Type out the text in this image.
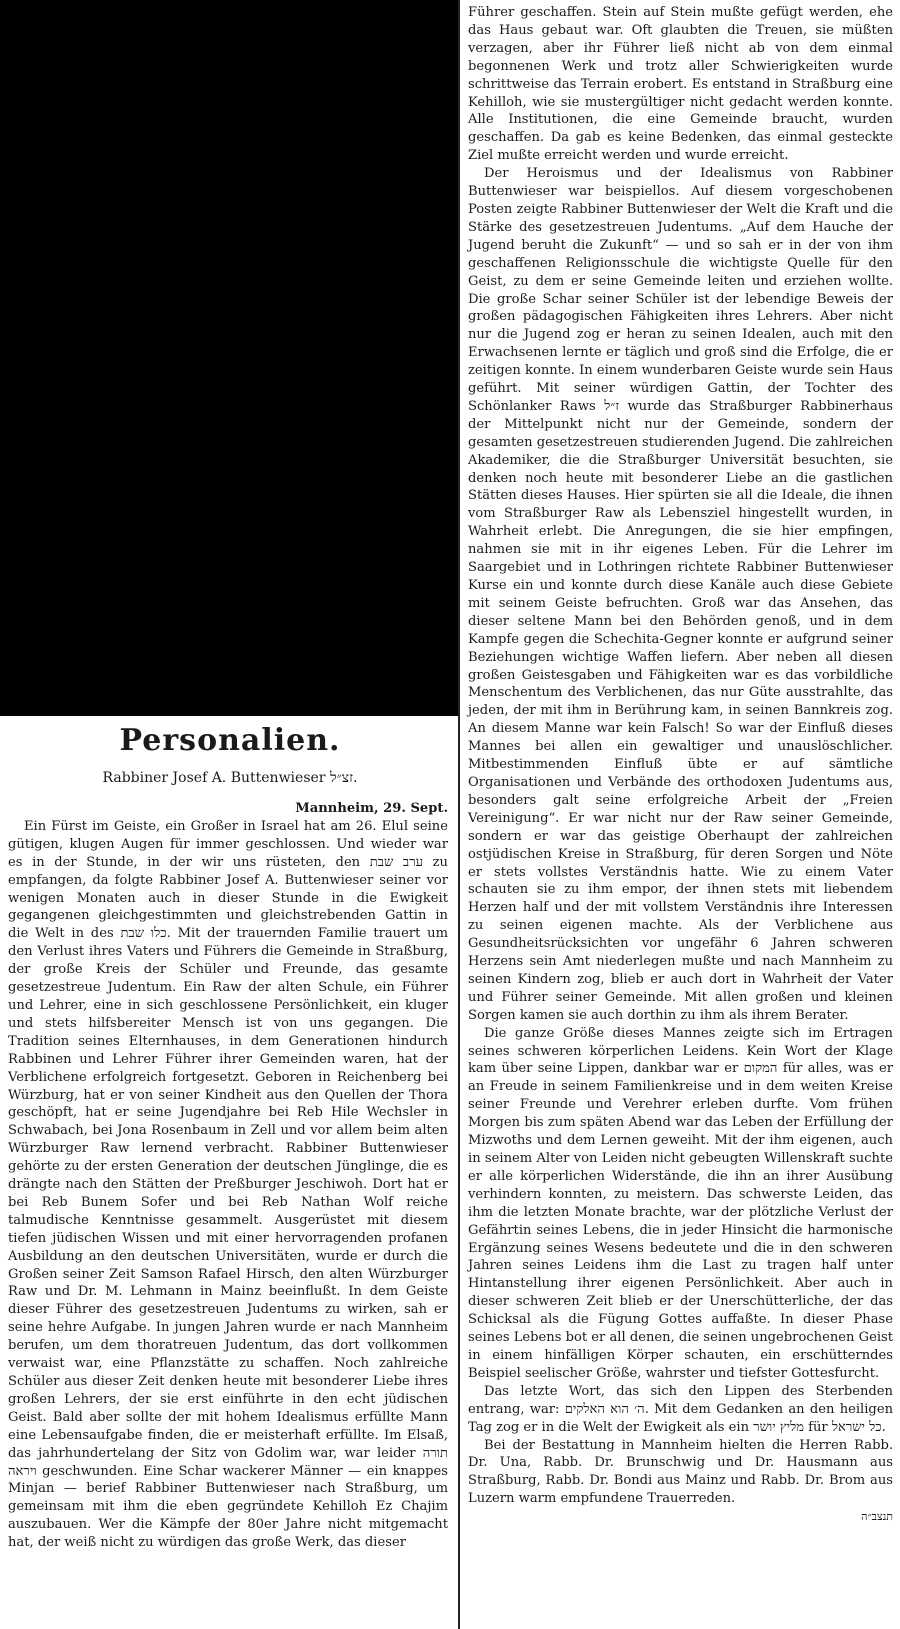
Personalien.
Rabbiner Josef A. Buttenwieser זצ״ל.
Mannheim, 29. Sept.

Ein Fürst im Geiste, ein Großer in Israel hat am 26. Elul seine gütigen, klugen Augen für immer geschlossen. Und wieder war es in der Stunde, in der wir uns rüsteten, den ערב שבת zu empfangen, da folgte Rabbiner Josef A. Buttenwieser seiner vor wenigen Monaten auch in dieser Stunde in die Ewigkeit gegangenen gleichgestimmten und gleichstrebenden Gattin in die Welt in des כלו שבת. Mit der trauernden Familie trauert um den Verlust ihres Vaters und Führers die Gemeinde in Straßburg, der große Kreis der Schüler und Freunde, das gesamte gesetzestreue Judentum. Ein Raw der alten Schule, ein Führer und Lehrer, eine in sich geschlossene Persönlichkeit, ein kluger und stets hilfsbereiter Mensch ist von uns gegangen. Die Tradition seines Elternhauses, in dem Generationen hindurch Rabbinen und Lehrer Führer ihrer Gemeinden waren, hat der Verblichene erfolgreich fortgesetzt. Geboren in Reichenberg bei Würzburg, hat er von seiner Kindheit aus den Quellen der Thora geschöpft, hat er seine Jugendjahre bei Reb Hile Wechsler in Schwabach, bei Jona Rosenbaum in Zell und vor allem beim alten Würzburger Raw lernend verbracht. Rabbiner Buttenwieser gehörte zu der ersten Generation der deutschen Jünglinge, die es drängte nach den Stätten der Preßburger Jeschiwoh. Dort hat er bei Reb Bunem Sofer und bei Reb Nathan Wolf reiche talmudische Kenntnisse gesammelt. Ausgerüstet mit diesem tiefen jüdischen Wissen und mit einer hervorragenden profanen Ausbildung an den deutschen Universitäten, wurde er durch die Großen seiner Zeit Samson Rafael Hirsch, den alten Würzburger Raw und Dr. M. Lehmann in Mainz beeinflußt. In dem Geiste dieser Führer des gesetzestreuen Judentums zu wirken, sah er seine hehre Aufgabe. In jungen Jahren wurde er nach Mannheim berufen, um dem thoratreuen Judentum, das dort vollkommen verwaist war, eine Pflanzstätte zu schaffen. Noch zahlreiche Schüler aus dieser Zeit denken heute mit besonderer Liebe ihres großen Lehrers, der sie erst einführte in den echt jüdischen Geist. Bald aber sollte der mit hohem Idealismus erfüllte Mann eine Lebensaufgabe finden, die er meisterhaft erfüllte. Im Elsaß, das jahrhundertelang der Sitz von Gdolim war, war leider תורה ויראה geschwunden. Eine Schar wackerer Männer — ein knappes Minjan — berief Rabbiner Buttenwieser nach Straßburg, um gemeinsam mit ihm die eben gegründete Kehilloh Ez Chajim auszubauen. Wer die Kämpfe der 80er Jahre nicht mitgemacht hat, der weiß nicht zu würdigen das große Werk, das dieser

Führer geschaffen. Stein auf Stein mußte gefügt werden, ehe das Haus gebaut war. Oft glaubten die Treuen, sie müßten verzagen, aber ihr Führer ließ nicht ab von dem einmal begonnenen Werk und trotz aller Schwierigkeiten wurde schrittweise das Terrain erobert. Es entstand in Straßburg eine Kehilloh, wie sie mustergültiger nicht gedacht werden konnte. Alle Institutionen, die eine Gemeinde braucht, wurden geschaffen. Da gab es keine Bedenken, das einmal gesteckte Ziel mußte erreicht werden und wurde erreicht.

Der Heroismus und der Idealismus von Rabbiner Buttenwieser war beispiellos. Auf diesem vorgeschobenen Posten zeigte Rabbiner Buttenwieser der Welt die Kraft und die Stärke des gesetzestreuen Judentums. „Auf dem Hauche der Jugend beruht die Zukunft“ — und so sah er in der von ihm geschaffenen Religionsschule die wichtigste Quelle für den Geist, zu dem er seine Gemeinde leiten und erziehen wollte. Die große Schar seiner Schüler ist der lebendige Beweis der großen pädagogischen Fähigkeiten ihres Lehrers. Aber nicht nur die Jugend zog er heran zu seinen Idealen, auch mit den Erwachsenen lernte er täglich und groß sind die Erfolge, die er zeitigen konnte. In einem wunderbaren Geiste wurde sein Haus geführt. Mit seiner würdigen Gattin, der Tochter des Schönlanker Raws ז״ל wurde das Straßburger Rabbinerhaus der Mittelpunkt nicht nur der Gemeinde, sondern der gesamten gesetzestreuen studierenden Jugend. Die zahlreichen Akademiker, die die Straßburger Universität besuchten, sie denken noch heute mit besonderer Liebe an die gastlichen Stätten dieses Hauses. Hier spürten sie all die Ideale, die ihnen vom Straßburger Raw als Lebensziel hingestellt wurden, in Wahrheit erlebt. Die Anregungen, die sie hier empfingen, nahmen sie mit in ihr eigenes Leben. Für die Lehrer im Saargebiet und in Lothringen richtete Rabbiner Buttenwieser Kurse ein und konnte durch diese Kanäle auch diese Gebiete mit seinem Geiste befruchten. Groß war das Ansehen, das dieser seltene Mann bei den Behörden genoß, und in dem Kampfe gegen die Schechita-Gegner konnte er aufgrund seiner Beziehungen wichtige Waffen liefern. Aber neben all diesen großen Geistesgaben und Fähigkeiten war es das vorbildliche Menschentum des Verblichenen, das nur Güte ausstrahlte, das jeden, der mit ihm in Berührung kam, in seinen Bannkreis zog. An diesem Manne war kein Falsch! So war der Einfluß dieses Mannes bei allen ein gewaltiger und unauslöschlicher. Mitbestimmenden Einfluß übte er auf sämtliche Organisationen und Verbände des orthodoxen Judentums aus, besonders galt seine erfolgreiche Arbeit der „Freien Vereinigung“. Er war nicht nur der Raw seiner Gemeinde, sondern er war das geistige Oberhaupt der zahlreichen ostjüdischen Kreise in Straßburg, für deren Sorgen und Nöte er stets vollstes Verständnis hatte. Wie zu einem Vater schauten sie zu ihm empor, der ihnen stets mit liebendem Herzen half und der mit vollstem Verständnis ihre Interessen zu seinen eigenen machte. Als der Verblichene aus Gesundheitsrücksichten vor ungefähr 6 Jahren schweren Herzens sein Amt niederlegen mußte und nach Mannheim zu seinen Kindern zog, blieb er auch dort in Wahrheit der Vater und Führer seiner Gemeinde. Mit allen großen und kleinen Sorgen kamen sie auch dorthin zu ihm als ihrem Berater.

Die ganze Größe dieses Mannes zeigte sich im Ertragen seines schweren körperlichen Leidens. Kein Wort der Klage kam über seine Lippen, dankbar war er המקום für alles, was er an Freude in seinem Familienkreise und in dem weiten Kreise seiner Freunde und Verehrer erleben durfte. Vom frühen Morgen bis zum späten Abend war das Leben der Erfüllung der Mizwoths und dem Lernen geweiht. Mit der ihm eigenen, auch in seinem Alter von Leiden nicht gebeugten Willenskraft suchte er alle körperlichen Widerstände, die ihn an ihrer Ausübung verhindern konnten, zu meistern. Das schwerste Leiden, das ihm die letzten Monate brachte, war der plötzliche Verlust der Gefährtin seines Lebens, die in jeder Hinsicht die harmonische Ergänzung seines Wesens bedeutete und die in den schweren Jahren seines Leidens ihm die Last zu tragen half unter Hintanstellung ihrer eigenen Persönlichkeit. Aber auch in dieser schweren Zeit blieb er der Unerschütterliche, der das Schicksal als die Fügung Gottes auffaßte. In dieser Phase seines Lebens bot er all denen, die seinen ungebrochenen Geist in einem hinfälligen Körper schauten, ein erschütterndes Beispiel seelischer Größe, wahrster und tiefster Gottesfurcht.

Das letzte Wort, das sich den Lippen des Sterbenden entrang, war: ה׳ הוא האלקים. Mit dem Gedanken an den heiligen Tag zog er in die Welt der Ewigkeit als ein מליץ יושר für כל ישראל.

Bei der Bestattung in Mannheim hielten die Herren Rabb. Dr. Una, Rabb. Dr. Brunschwig und Dr. Hausmann aus Straßburg, Rabb. Dr. Bondi aus Mainz und Rabb. Dr. Brom aus Luzern warm empfundene Trauerreden.

תנצב״ה
